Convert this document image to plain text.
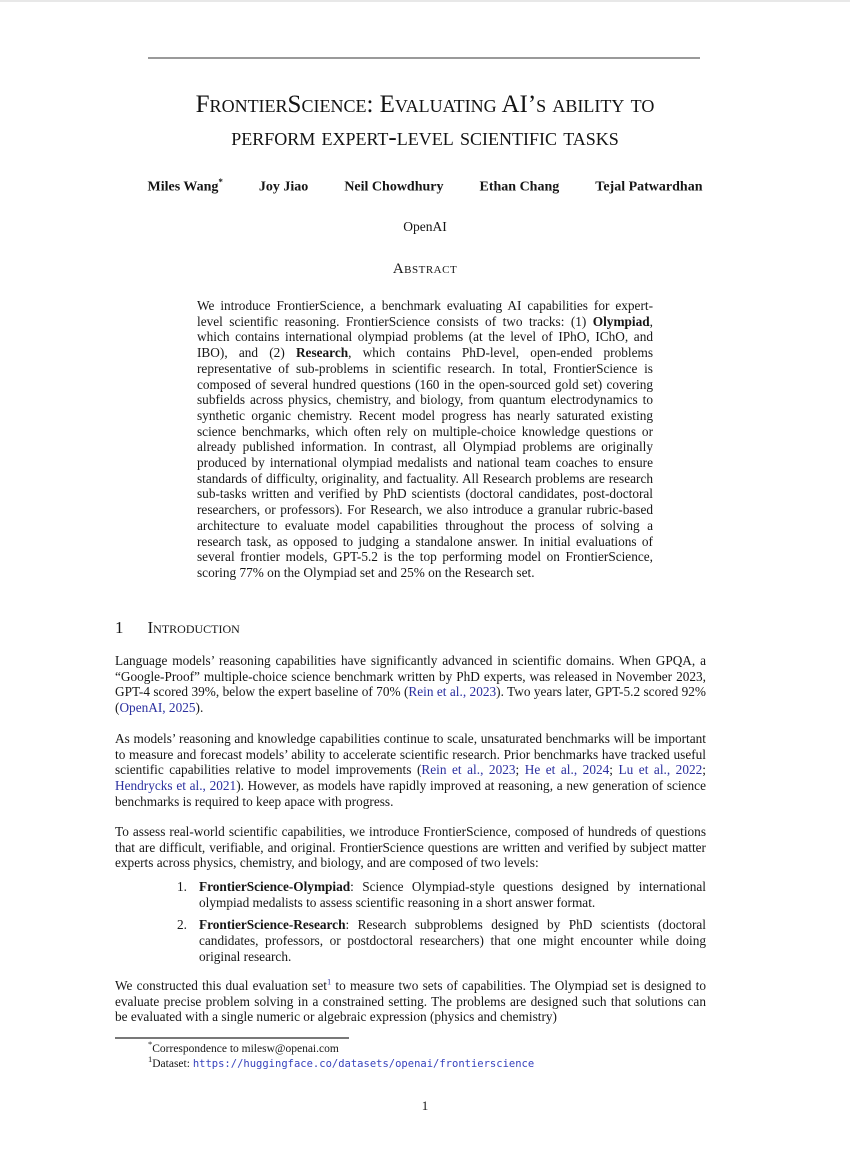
FrontierScience: Evaluating AI’s ability to
perform expert-level scientific tasks
Miles Wang*	Joy Jiao	Neil Chowdhury	Ethan Chang	Tejal Patwardhan
OpenAI
Abstract
We introduce FrontierScience, a benchmark evaluating AI capabilities for expert-level scientific reasoning. FrontierScience consists of two tracks: (1) Olympiad, which contains international olympiad problems (at the level of IPhO, IChO, and IBO), and (2) Research, which contains PhD-level, open-ended problems representative of sub-problems in scientific research. In total, FrontierScience is composed of several hundred questions (160 in the open-sourced gold set) covering subfields across physics, chemistry, and biology, from quantum electrodynamics to synthetic organic chemistry. Recent model progress has nearly saturated existing science benchmarks, which often rely on multiple-choice knowledge questions or already published information. In contrast, all Olympiad problems are originally produced by international olympiad medalists and national team coaches to ensure standards of difficulty, originality, and factuality. All Research problems are research sub-tasks written and verified by PhD scientists (doctoral candidates, post-doctoral researchers, or professors). For Research, we also introduce a granular rubric-based architecture to evaluate model capabilities throughout the process of solving a research task, as opposed to judging a standalone answer. In initial evaluations of several frontier models, GPT-5.2 is the top performing model on FrontierScience, scoring 77% on the Olympiad set and 25% on the Research set.
1 Introduction
Language models’ reasoning capabilities have significantly advanced in scientific domains. When GPQA, a “Google-Proof” multiple-choice science benchmark written by PhD experts, was released in November 2023, GPT-4 scored 39%, below the expert baseline of 70% (Rein et al., 2023). Two years later, GPT-5.2 scored 92% (OpenAI, 2025).
As models’ reasoning and knowledge capabilities continue to scale, unsaturated benchmarks will be important to measure and forecast models’ ability to accelerate scientific research. Prior benchmarks have tracked useful scientific capabilities relative to model improvements (Rein et al., 2023; He et al., 2024; Lu et al., 2022; Hendrycks et al., 2021). However, as models have rapidly improved at reasoning, a new generation of science benchmarks is required to keep apace with progress.
To assess real-world scientific capabilities, we introduce FrontierScience, composed of hundreds of questions that are difficult, verifiable, and original. FrontierScience questions are written and verified by subject matter experts across physics, chemistry, and biology, and are composed of two levels:
1. FrontierScience-Olympiad: Science Olympiad-style questions designed by international olympiad medalists to assess scientific reasoning in a short answer format.
2. FrontierScience-Research: Research subproblems designed by PhD scientists (doctoral candidates, professors, or postdoctoral researchers) that one might encounter while doing original research.
We constructed this dual evaluation set$^1$ to measure two sets of capabilities. The Olympiad set is designed to evaluate precise problem solving in a constrained setting. The problems are designed such that solutions can be evaluated with a single numeric or algebraic expression (physics and chemistry)
*Correspondence to milesw@openai.com
$^1$Dataset: https://huggingface.co/datasets/openai/frontierscience
1
